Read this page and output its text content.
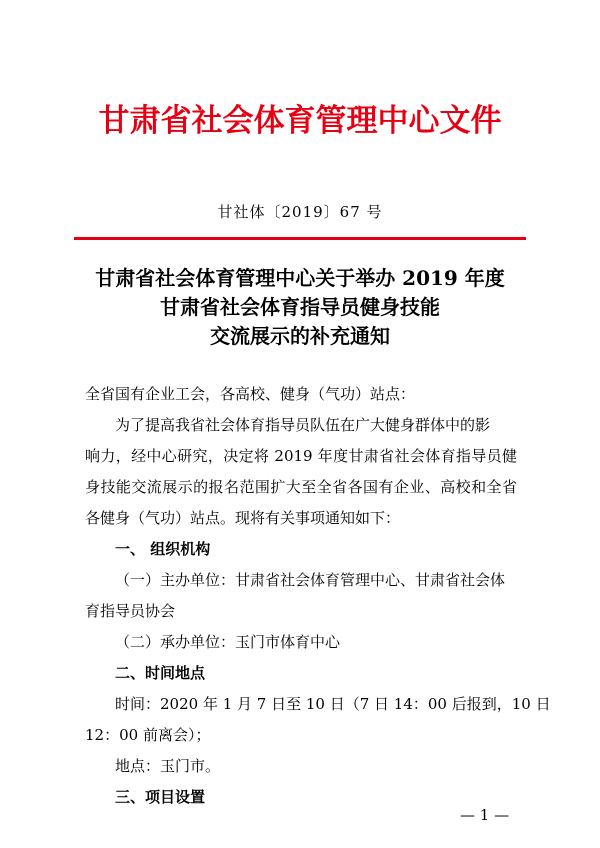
甘肃省社会体育管理中心文件
甘社体〔2019〕67 号
甘肃省社会体育管理中心关于举办 2019 年度
甘肃省社会体育指导员健身技能
交流展示的补充通知
全省国有企业工会，各高校、健身（气功）站点：
为了提高我省社会体育指导员队伍在广大健身群体中的影
响力，经中心研究，决定将 2019 年度甘肃省社会体育指导员健
身技能交流展示的报名范围扩大至全省各国有企业、高校和全省
各健身（气功）站点。现将有关事项通知如下：
一、 组织机构
（一）主办单位：甘肃省社会体育管理中心、甘肃省社会体
育指导员协会
（二）承办单位：玉门市体育中心
二、时间地点
时间：2020 年 1 月 7 日至 10 日（7 日 14：00 后报到，10 日
12：00 前离会）；
地点：玉门市。
三、项目设置
— 1 —
